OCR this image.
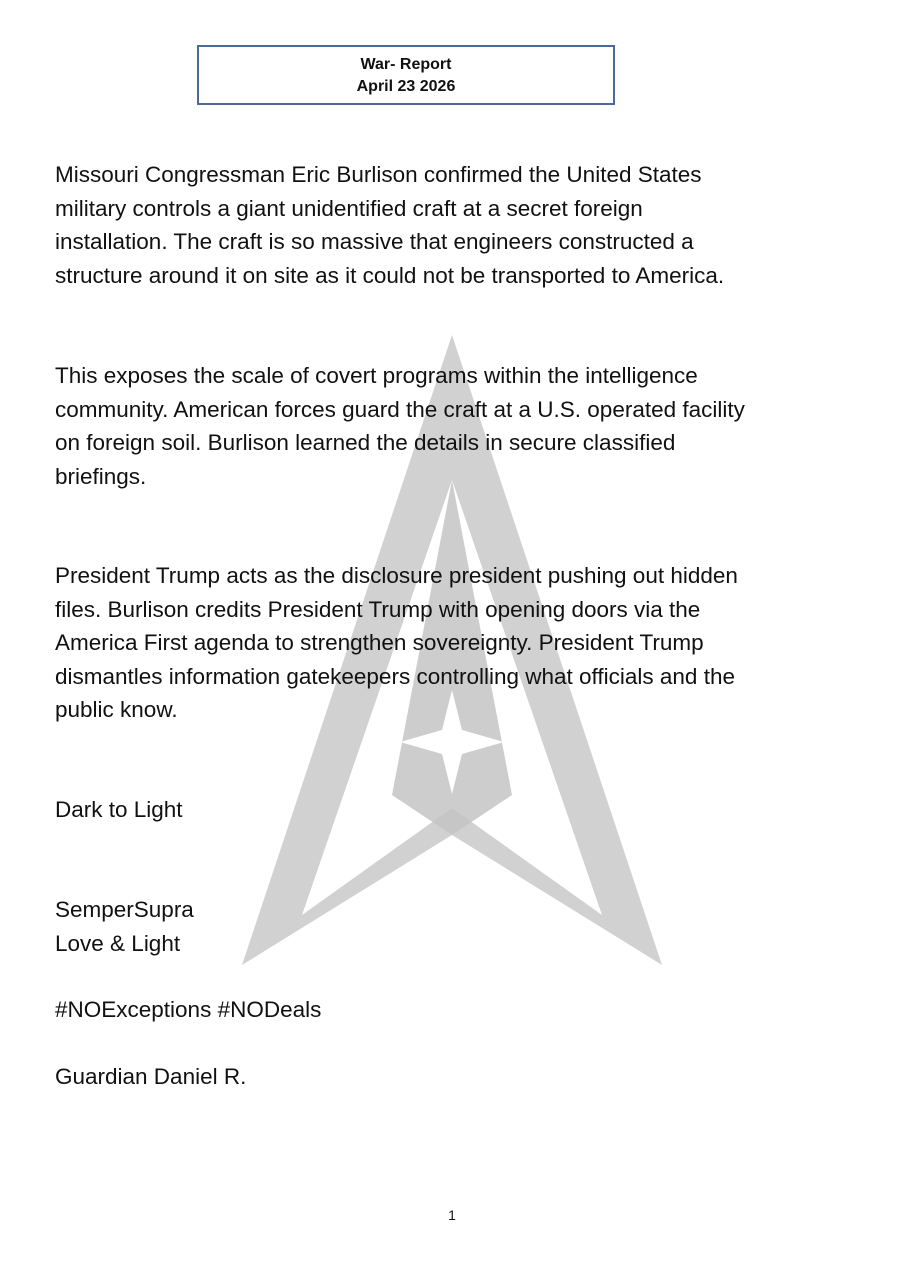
War- Report
April 23 2026
Missouri Congressman Eric Burlison confirmed the United States
military controls a giant unidentified craft at a secret foreign
installation. The craft is so massive that engineers constructed a
structure around it on site as it could not be transported to America.
This exposes the scale of covert programs within the intelligence
community. American forces guard the craft at a U.S. operated facility
on foreign soil. Burlison learned the details in secure classified
briefings.
President Trump acts as the disclosure president pushing out hidden
files. Burlison credits President Trump with opening doors via the
America First agenda to strengthen sovereignty. President Trump
dismantles information gatekeepers controlling what officials and the
public know.
Dark to Light
SemperSupra
Love & Light
#NOExceptions #NODeals
Guardian Daniel R.
1
